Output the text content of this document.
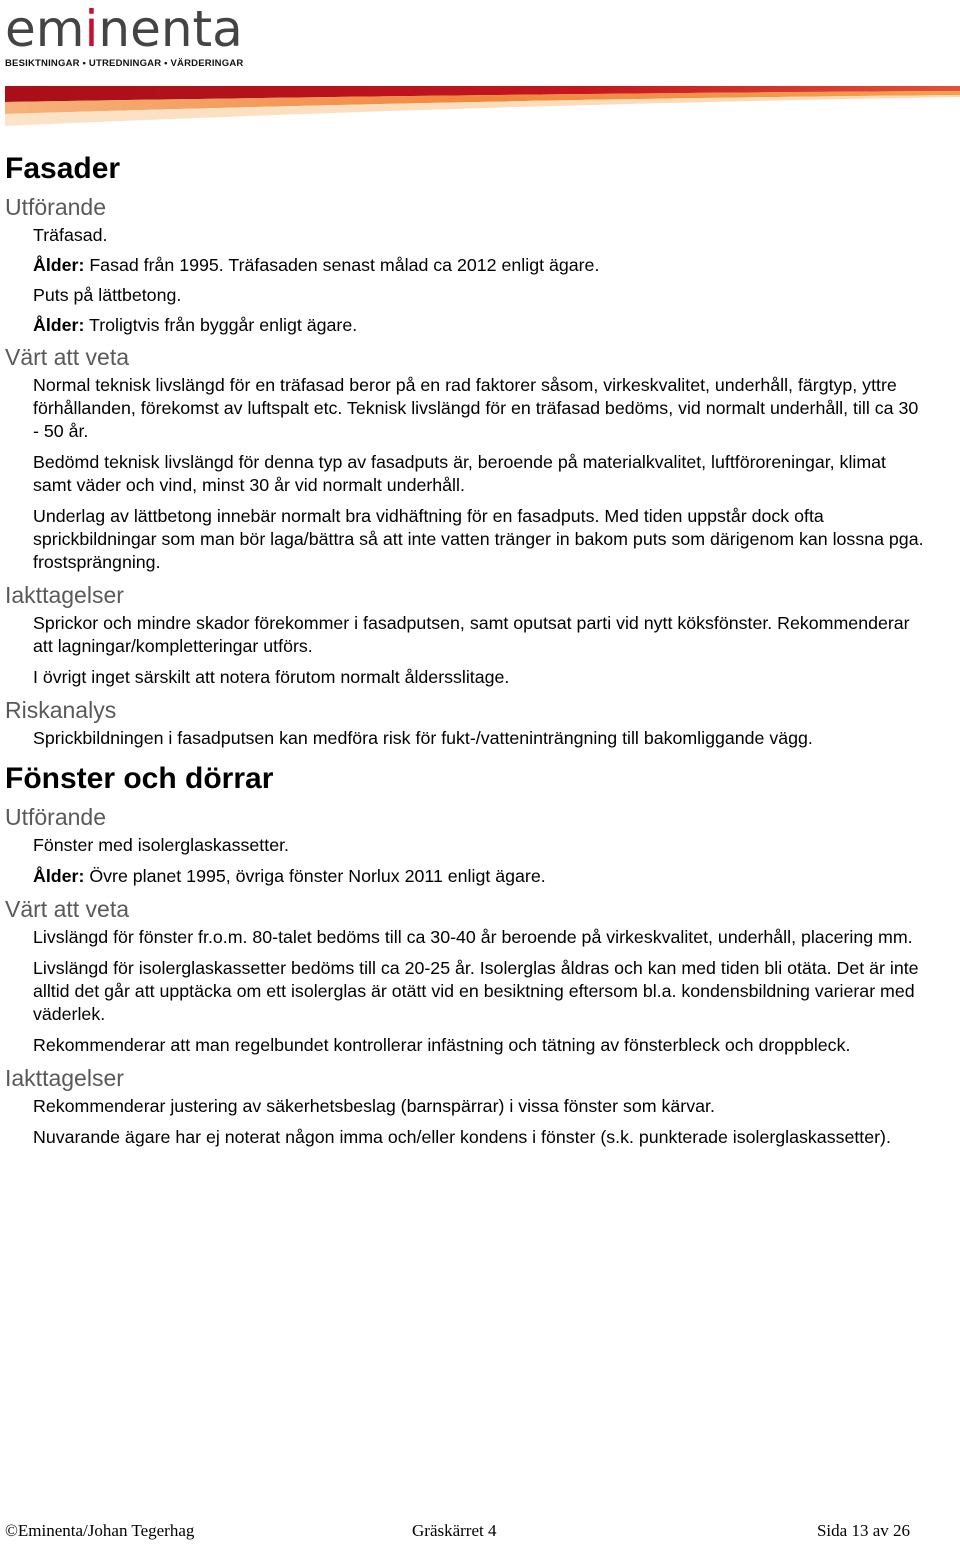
eminenta
BESIKTNINGAR • UTREDNINGAR • VÄRDERINGAR
Fasader
Utförande

Träfasad.

Ålder: Fasad från 1995. Träfasaden senast målad ca 2012 enligt ägare.

Puts på lättbetong.

Ålder: Troligtvis från byggår enligt ägare.

Värt att veta

Normal teknisk livslängd för en träfasad beror på en rad faktorer såsom, virkeskvalitet, underhåll, färgtyp, yttre förhållanden, förekomst av luftspalt etc. Teknisk livslängd för en träfasad bedöms, vid normalt underhåll, till ca 30 - 50 år.

Bedömd teknisk livslängd för denna typ av fasadputs är, beroende på materialkvalitet, luftföroreningar, klimat samt väder och vind, minst 30 år vid normalt underhåll.

Underlag av lättbetong innebär normalt bra vidhäftning för en fasadputs. Med tiden uppstår dock ofta sprickbildningar som man bör laga/bättra så att inte vatten tränger in bakom puts som därigenom kan lossna pga. frostsprängning.

Iakttagelser

Sprickor och mindre skador förekommer i fasadputsen, samt oputsat parti vid nytt köksfönster. Rekommenderar att lagningar/kompletteringar utförs.

I övrigt inget särskilt att notera förutom normalt åldersslitage.

Riskanalys

Sprickbildningen i fasadputsen kan medföra risk för fukt-/vatteninträngning till bakomliggande vägg.

Fönster och dörrar
Utförande

Fönster med isolerglaskassetter.

Ålder: Övre planet 1995, övriga fönster Norlux 2011 enligt ägare.

Värt att veta

Livslängd för fönster fr.o.m. 80-talet bedöms till ca 30-40 år beroende på virkeskvalitet, underhåll, placering mm.

Livslängd för isolerglaskassetter bedöms till ca 20-25 år. Isolerglas åldras och kan med tiden bli otäta. Det är inte alltid det går att upptäcka om ett isolerglas är otätt vid en besiktning eftersom bl.a. kondensbildning varierar med väderlek.

Rekommenderar att man regelbundet kontrollerar infästning och tätning av fönsterbleck och droppbleck.

Iakttagelser

Rekommenderar justering av säkerhetsbeslag (barnspärrar) i vissa fönster som kärvar.

Nuvarande ägare har ej noterat någon imma och/eller kondens i fönster (s.k. punkterade isolerglaskassetter).

©Eminenta/Johan Tegerhag	Gräskärret 4	Sida 13 av 26
